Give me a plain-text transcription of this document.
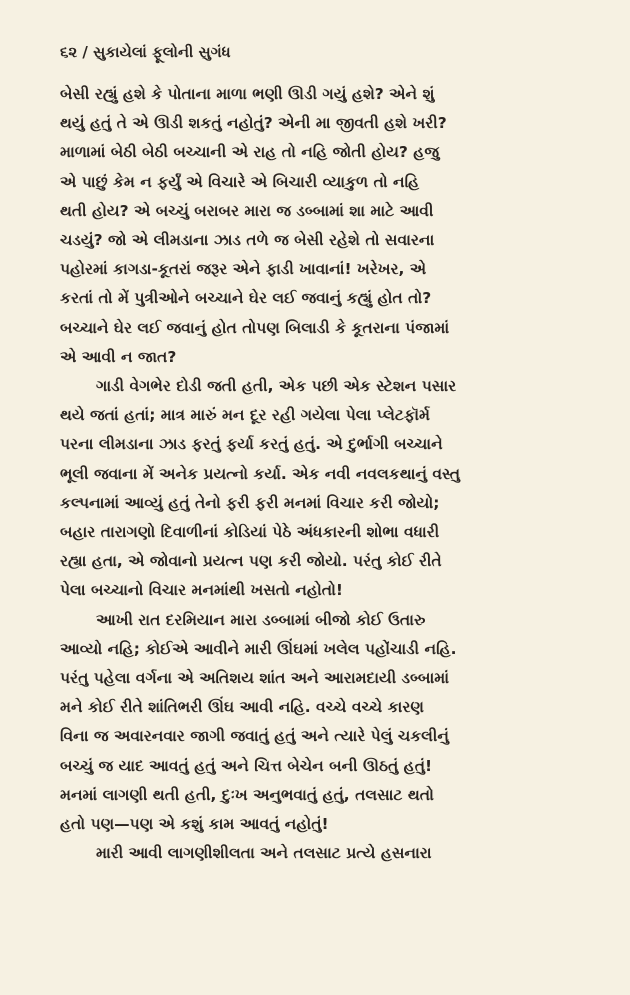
૬૨ / સુકાયેલાં ફૂલોની સુગંધ

બેસી રહ્યું હશે કે પોતાના માળા ભણી ઊડી ગયું હશે? એને શું
થયું હતું તે એ ઊડી શકતું નહોતું? એની મા જીવતી હશે ખરી?
માળામાં બેઠી બેઠી બચ્ચાની એ રાહ તો નહિ જોતી હોય? હજુ
એ પાછું કેમ ન ફર્યું એ વિચારે એ બિચારી વ્યાકુળ તો નહિ
થતી હોય? એ બચ્ચું બરાબર મારા જ ડબ્બામાં શા માટે આવી
ચડયું? જો એ લીમડાના ઝાડ તળે જ બેસી રહેશે તો સવારના
પહોરમાં કાગડા-કૂતરાં જરૂર એને ફાડી ખાવાનાં! ખરેખર, એ
કરતાં તો મેં પુત્રીઓને બચ્ચાને ઘેર લઈ જવાનું કહ્યું હોત તો?
બચ્ચાને ઘેર લઈ જવાનું હોત તોપણ બિલાડી કે કૂતરાના પંજામાં
એ આવી ન જાત?

ગાડી વેગભેર દોડી જતી હતી, એક પછી એક સ્ટેશન પસાર
થયે જતાં હતાં; માત્ર મારું મન દૂર રહી ગયેલા પેલા પ્લેટફૉર્મ
પરના લીમડાના ઝાડ ફરતું ફર્યા કરતું હતું. એ દુર્ભાગી બચ્ચાને
ભૂલી જવાના મેં અનેક પ્રયત્નો કર્યા. એક નવી નવલકથાનું વસ્તુ
કલ્પનામાં આવ્યું હતું તેનો ફરી ફરી મનમાં વિચાર કરી જોયો;
બહાર તારાગણો દિવાળીનાં કોડિયાં પેઠે અંધકારની શોભા વધારી
રહ્યા હતા, એ જોવાનો પ્રયત્ન પણ કરી જોયો. પરંતુ કોઈ રીતે
પેલા બચ્ચાનો વિચાર મનમાંથી ખસતો નહોતો!

આખી રાત દરમિયાન મારા ડબ્બામાં બીજો કોઈ ઉતારુ
આવ્યો નહિ; કોઈએ આવીને મારી ઊંઘમાં ખલેલ પહોંચાડી નહિ.
પરંતુ પહેલા વર્ગના એ અતિશય શાંત અને આરામદાયી ડબ્બામાં
મને કોઈ રીતે શાંતિભરી ઊંઘ આવી નહિ. વચ્ચે વચ્ચે કારણ
વિના જ અવારનવાર જાગી જવાતું હતું અને ત્યારે પેલું ચકલીનું
બચ્ચું જ યાદ આવતું હતું અને ચિત્ત બેચેન બની ઊઠતું હતું!
મનમાં લાગણી થતી હતી, દુઃખ અનુભવાતું હતું, તલસાટ થતો
હતો પણ—પણ એ કશું કામ આવતું નહોતું!

મારી આવી લાગણીશીલતા અને તલસાટ પ્રત્યે હસનારા
